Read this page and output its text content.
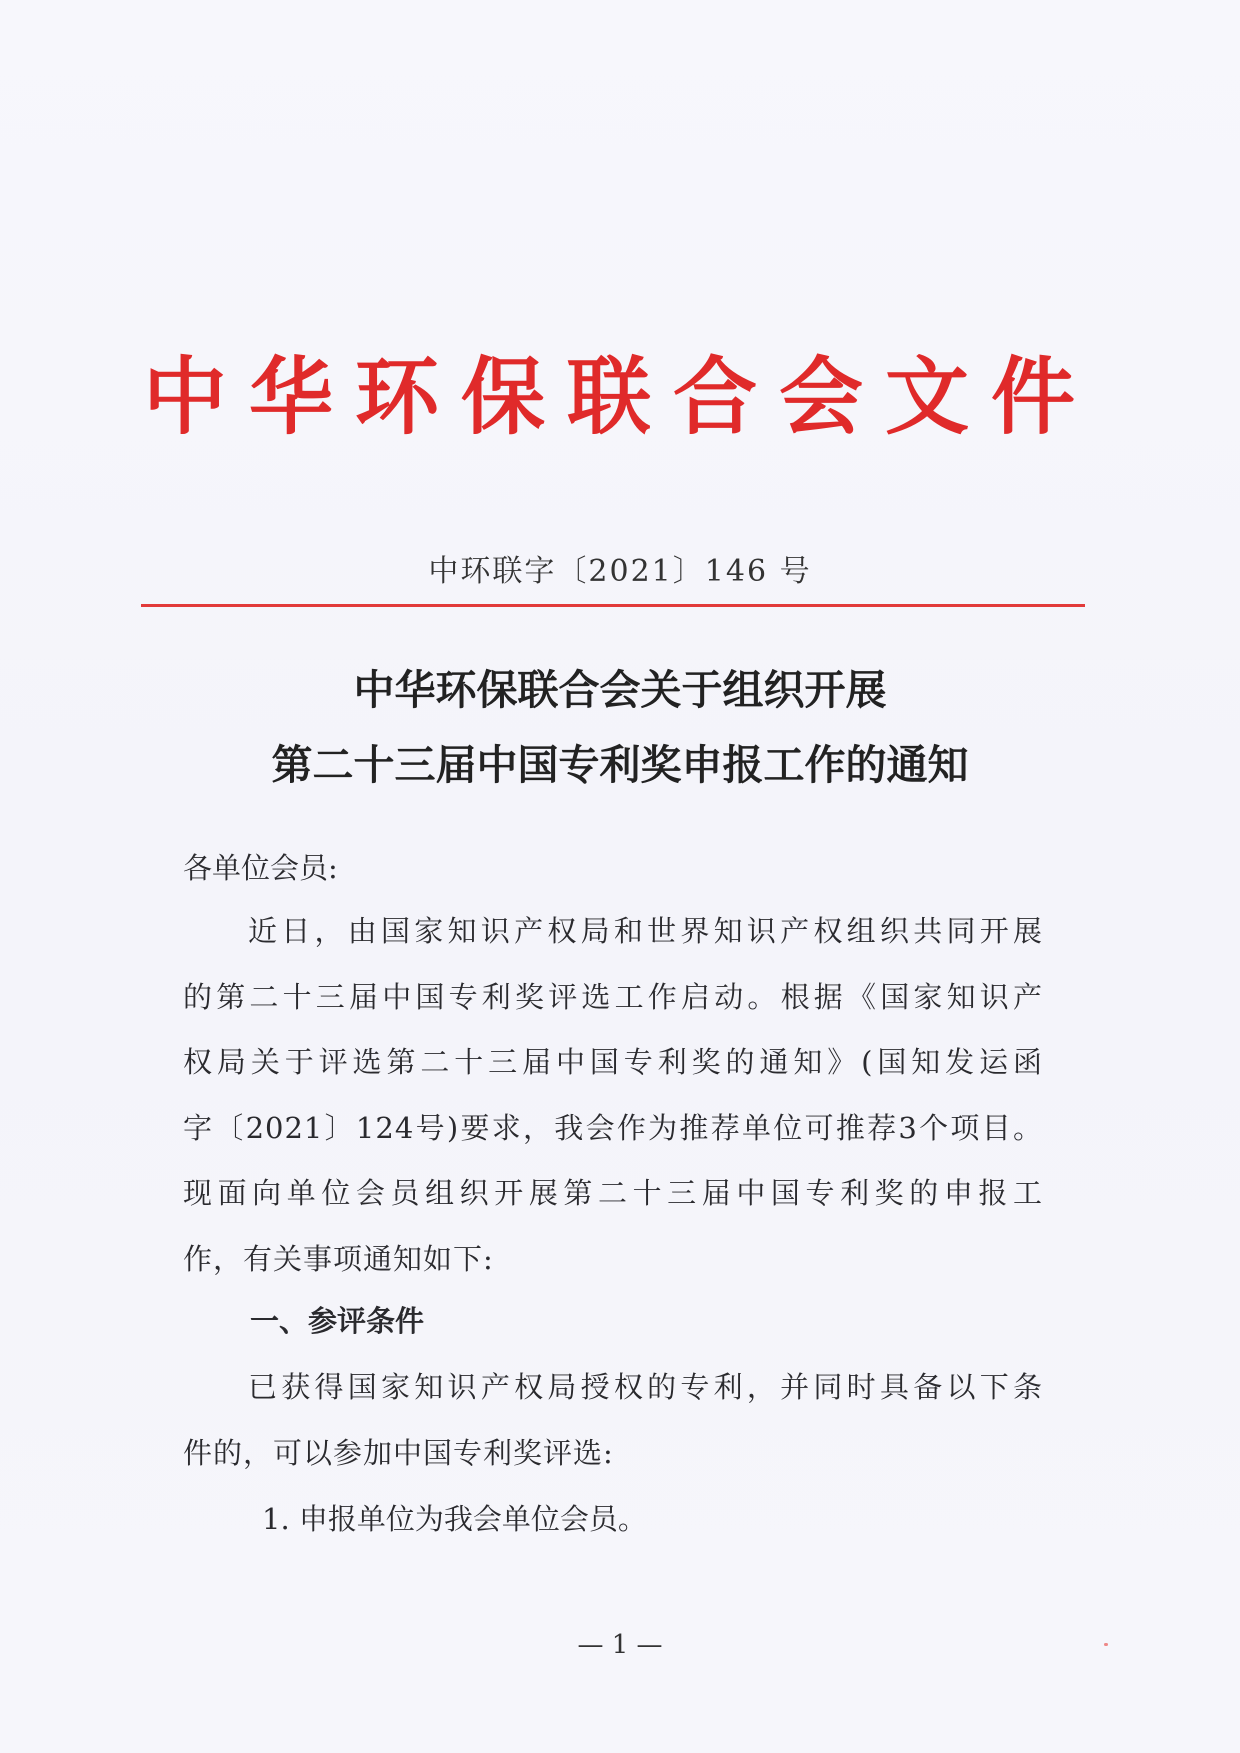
中华环保联合会文件
中环联字〔2021〕146 号
中华环保联合会关于组织开展
第二十三届中国专利奖申报工作的通知
各单位会员:
近日，由国家知识产权局和世界知识产权组织共同开展
的第二十三届中国专利奖评选工作启动。根据《国家知识产
权局关于评选第二十三届中国专利奖的通知》(国知发运函
字〔2021〕124号)要求，我会作为推荐单位可推荐3个项目。
现面向单位会员组织开展第二十三届中国专利奖的申报工
作，有关事项通知如下:
一、参评条件
已获得国家知识产权局授权的专利，并同时具备以下条
件的，可以参加中国专利奖评选:
1. 申报单位为我会单位会员。
— 1 —
